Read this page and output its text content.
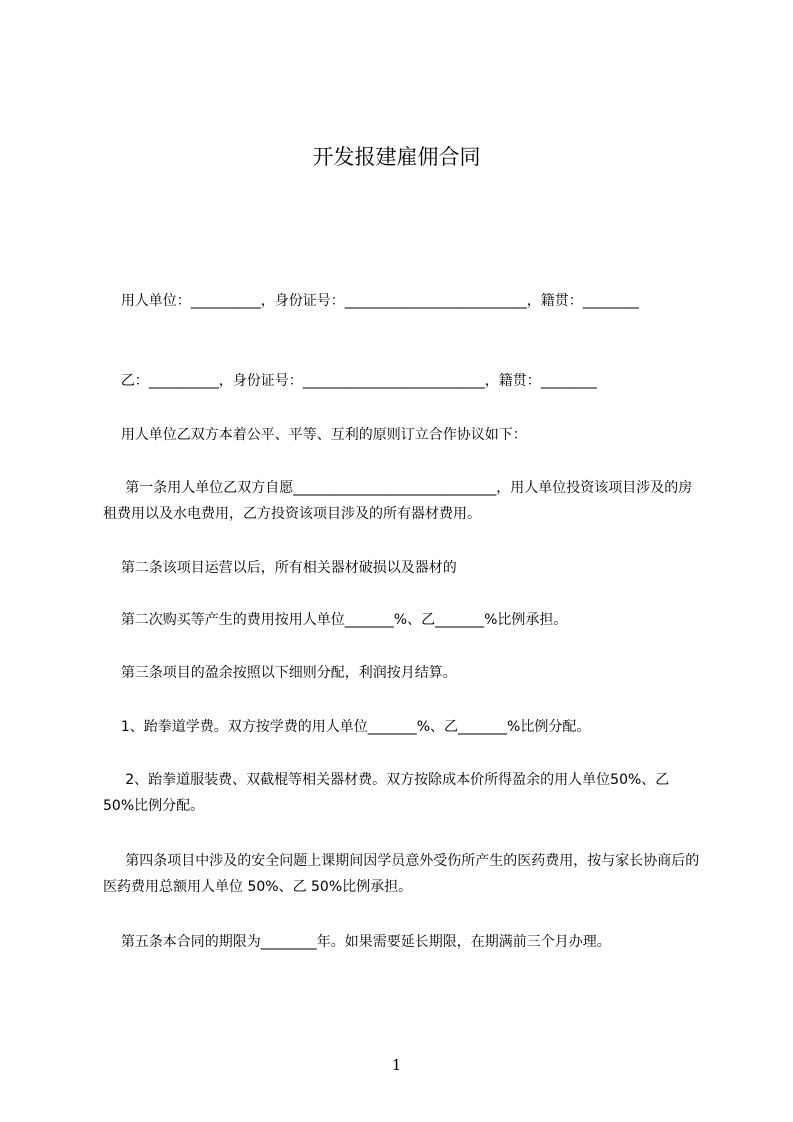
开发报建雇佣合同
用人单位：__________，身份证号：__________________________，籍贯：________
乙：__________，身份证号：__________________________，籍贯：________
用人单位乙双方本着公平、平等、互利的原则订立合作协议如下：
第一条用人单位乙双方自愿_____________________________，用人单位投资该项目涉及的房租费用以及水电费用，乙方投资该项目涉及的所有器材费用。
第二条该项目运营以后，所有相关器材破损以及器材的
第二次购买等产生的费用按用人单位_______%、乙_______%比例承担。
第三条项目的盈余按照以下细则分配，利润按月结算。
1、跆拳道学费。双方按学费的用人单位_______%、乙_______%比例分配。
2、跆拳道服装费、双截棍等相关器材费。双方按除成本价所得盈余的用人单位50%、乙 50%比例分配。
第四条项目中涉及的安全问题上课期间因学员意外受伤所产生的医药费用，按与家长协商后的医药费用总额用人单位 50%、乙 50%比例承担。
第五条本合同的期限为________年。如果需要延长期限，在期满前三个月办理。
1
